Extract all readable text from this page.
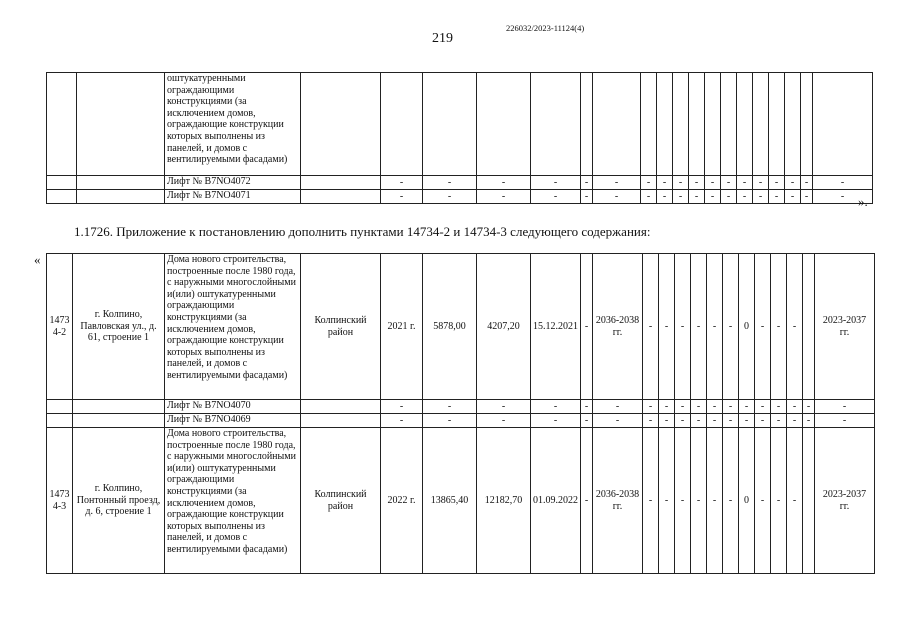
219
226032/2023-11124(4)
		оштукатуренными ограждающими конструкциями (за исключением домов, ограждающие конструкции которых выполнены из панелей, и домов с вентилируемыми фасадами)																			
		Лифт № В7NO4072		-	-	-	-	-	-	-	-	-	-	-	-	-	-	-	-	-	-
		Лифт № В7NO4071		-	-	-	-	-	-	-	-	-	-	-	-	-	-	-	-	-	- ».
1.1726. Приложение к постановлению дополнить пунктами 14734-2 и 14734-3 следующего содержания:
«
1473 4-2	г. Колпино, Павловская ул., д. 61, строение 1	Дома нового строительства, построенные после 1980 года, с наружными многослойными и(или) оштукатуренными ограждающими конструкциями (за исключением домов, ограждающие конструкции которых выполнены из панелей, и домов с вентилируемыми фасадами)	Колпинский район	2021 г.	5878,00	4207,20	15.12.2021	-	2036-2038 гг.	-	-	-	-	-	-	0	-	-	-		2023-2037 гг.
		Лифт № В7NO4070		-	-	-	-	-	-	-	-	-	-	-	-	-	-	-	-	-	-
		Лифт № В7NO4069		-	-	-	-	-	-	-	-	-	-	-	-	-	-	-	-	-	-
1473 4-3	г. Колпино, Понтонный проезд, д. 6, строение 1	Дома нового строительства, построенные после 1980 года, с наружными многослойными и(или) оштукатуренными ограждающими конструкциями (за исключением домов, ограждающие конструкции которых выполнены из панелей, и домов с вентилируемыми фасадами)	Колпинский район	2022 г.	13865,40	12182,70	01.09.2022	-	2036-2038 гг.	-	-	-	-	-	-	0	-	-	-		2023-2037 гг.
